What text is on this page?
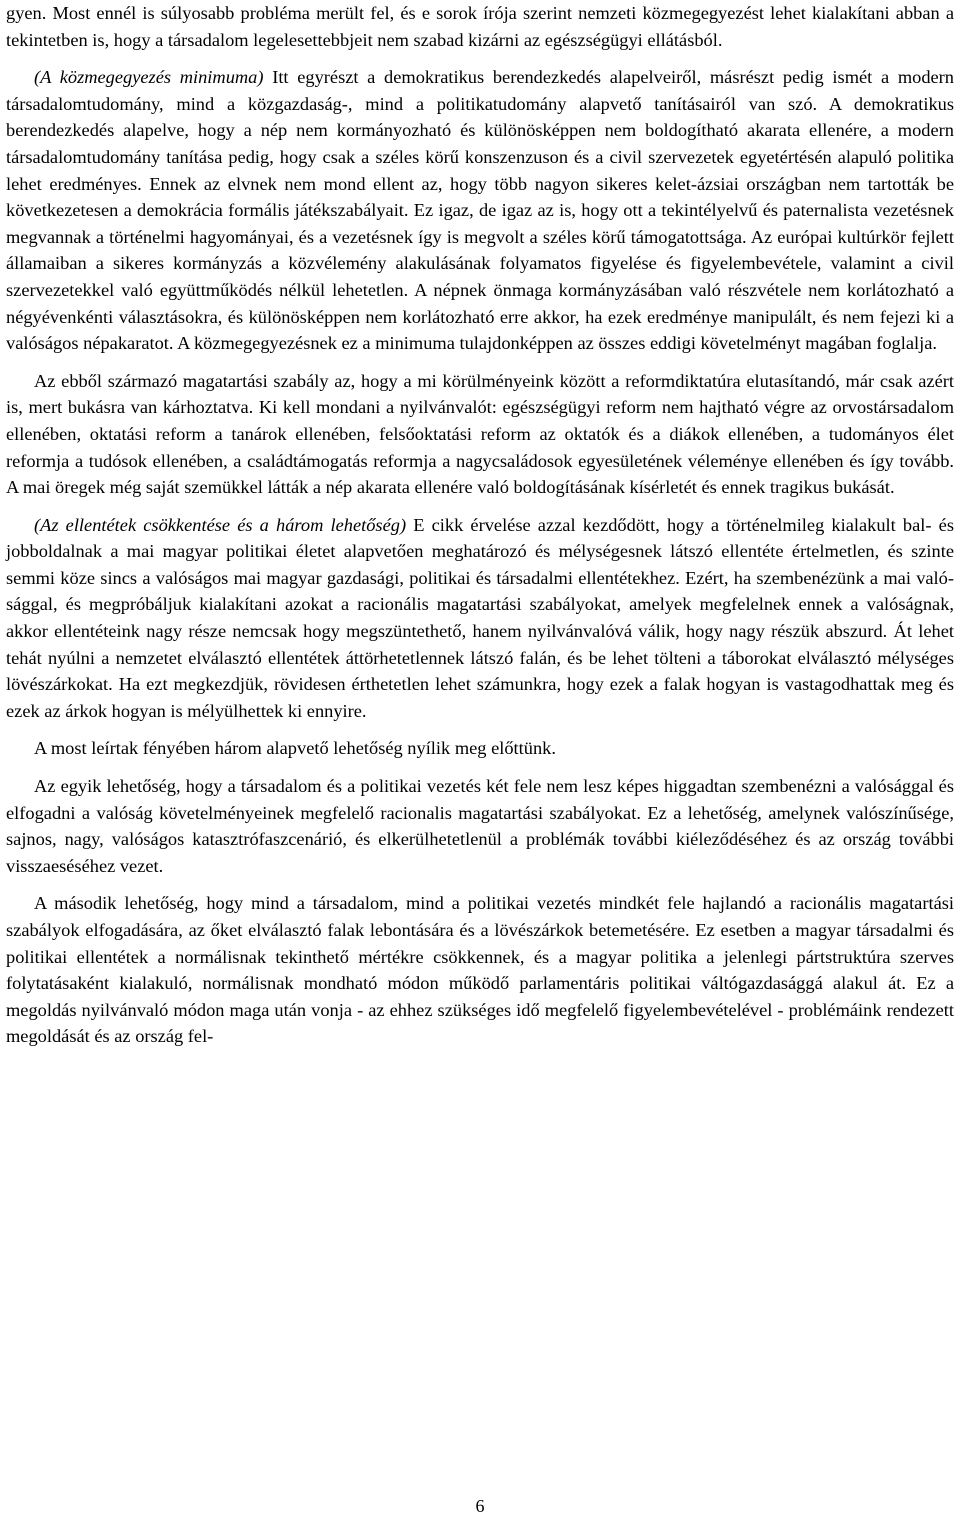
gyen. Most ennél is súlyosabb probléma merült fel, és e sorok írója szerint nemzeti közmegegyezést lehet kialakítani abban a tekintetben is, hogy a társadalom legelesettebbjeit nem szabad kizárni az egészségügyi ellátásból.

(A közmegegyezés minimuma) Itt egyrészt a demokratikus berendezkedés alapelveiről, másrészt pedig ismét a modern társadalomtudomány, mind a közgazdaság-, mind a politikatudomány alapvető tanításairól van szó. A demokratikus berendezkedés alapelve, hogy a nép nem kormányozható és különösképpen nem boldogítható akarata ellenére, a modern társadalomtudomány tanítása pedig, hogy csak a széles körű konszenzuson és a civil szervezetek egyetértésén alapuló politika lehet eredményes. Ennek az elvnek nem mond ellent az, hogy több nagyon sikeres kelet-ázsiai országban nem tartották be következetesen a demokrácia formális játékszabályait. Ez igaz, de igaz az is, hogy ott a tekintélyelvű és paternalista vezetésnek megvannak a történelmi hagyományai, és a vezetésnek így is megvolt a széles körű támogatottsága. Az európai kultúrkör fejlett államaiban a sikeres kormányzás a közvélemény alakulásának folyamatos figyelése és figyelembevétele, valamint a civil szervezetekkel való együttműködés nélkül lehetetlen. A népnek önmaga kormányzásában való részvétele nem korlátozható a négyévenkénti választásokra, és különösképpen nem korlátozható erre akkor, ha ezek eredménye manipulált, és nem fejezi ki a valóságos népakaratot. A közmegegyezésnek ez a minimuma tulajdonképpen az összes eddigi követelményt magában foglalja.

Az ebből származó magatartási szabály az, hogy a mi körülményeink között a reformdiktatúra elutasítandó, már csak azért is, mert bukásra van kárhoztatva. Ki kell mondani a nyilvánvalót: egészségügyi reform nem hajtható végre az orvostársadalom ellenében, oktatási reform a tanárok ellenében, felsőoktatási reform az oktatók és a diákok ellenében, a tudományos élet reformja a tudósok ellenében, a családtámogatás reformja a nagycsaládosok egyesületének véleménye ellenében és így tovább. A mai öregek még saját szemükkel látták a nép akarata ellenére való boldogításának kísérletét és ennek tragikus bukását.

(Az ellentétek csökkentése és a három lehetőség) E cikk érvelése azzal kezdődött, hogy a történelmileg kialakult bal- és jobboldalnak a mai magyar politikai életet alapvetően meghatározó és mélységesnek látszó ellentéte értelmetlen, és szinte semmi köze sincs a valóságos mai magyar gazdasági, politikai és társadalmi ellentétekhez. Ezért, ha szembenézünk a mai valósággal, és megpróbáljuk kialakítani azokat a racionális magatartási szabályokat, amelyek megfelelnek ennek a valóságnak, akkor ellentéteink nagy része nemcsak hogy megszüntethető, hanem nyilvánvalóvá válik, hogy nagy részük abszurd. Át lehet tehát nyúlni a nemzetet elválasztó ellentétek áttörhetetlennek látszó falán, és be lehet tölteni a táborokat elválasztó mélységes lövészárkokat. Ha ezt megkezdjük, rövidesen érthetetlen lehet számunkra, hogy ezek a falak hogyan is vastagodhattak meg és ezek az árkok hogyan is mélyülhettek ki ennyire.

A most leírtak fényében három alapvető lehetőség nyílik meg előttünk.

Az egyik lehetőség, hogy a társadalom és a politikai vezetés két fele nem lesz képes higgadtan szembenézni a valósággal és elfogadni a valóság követelményeinek megfelelő racionalis magatartási szabályokat. Ez a lehetőség, amelynek valószínűsége, sajnos, nagy, valóságos katasztrófaszcenárió, és elkerülhetetlenül a problémák további kiéleződéséhez és az ország további visszaeséséhez vezet.

A második lehetőség, hogy mind a társadalom, mind a politikai vezetés mindkét fele hajlandó a racionális magatartási szabályok elfogadására, az őket elválasztó falak lebontására és a lövészárkok betemetésére. Ez esetben a magyar társadalmi és politikai ellentétek a normálisnak tekinthető mértékre csökkennek, és a magyar politika a jelenlegi pártstruktúra szerves folytatásaként kialakuló, normálisnak mondható módon működő parlamentáris politikai váltógazdasággá alakul át. Ez a megoldás nyilvánvaló módon maga után vonja - az ehhez szükséges idő megfelelő figyelembevételével - problémáink rendezett megoldását és az ország fel-

6
